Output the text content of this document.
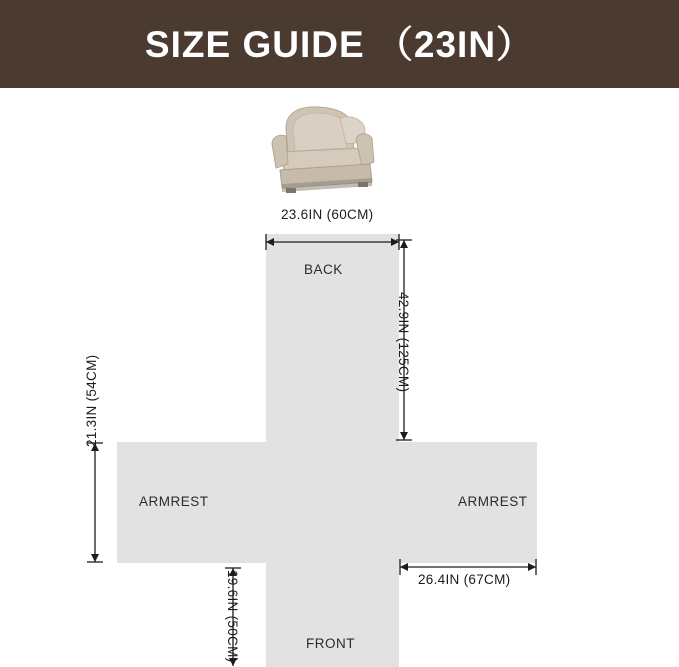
SIZE GUIDE （23IN）
BACK
ARMREST	ARMREST
FRONT
23.6IN (60CM)
42.9IN (125CM)
21.3IN (54CM)
19.6IN (50CM)	26.4IN (67CM)
